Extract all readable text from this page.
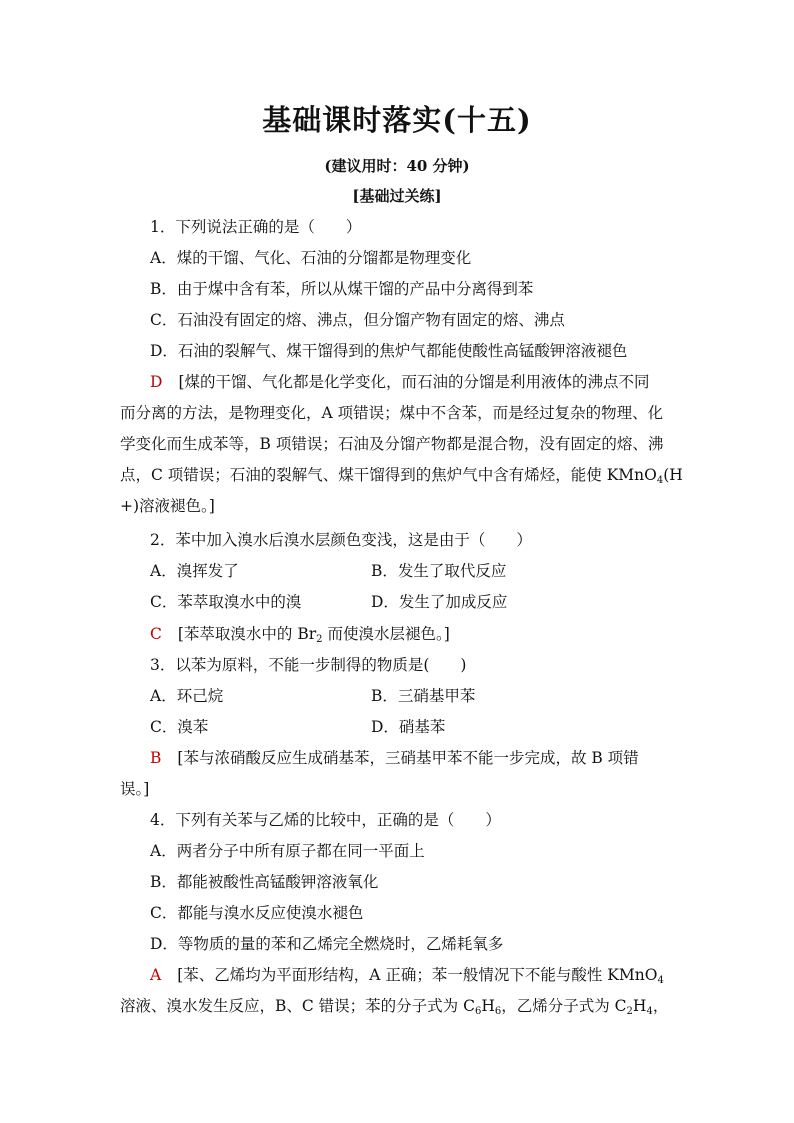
基础课时落实(十五)
(建议用时：40 分钟)
[基础过关练]
1．下列说法正确的是（　　）
A．煤的干馏、气化、石油的分馏都是物理变化
B．由于煤中含有苯，所以从煤干馏的产品中分离得到苯
C．石油没有固定的熔、沸点，但分馏产物有固定的熔、沸点
D．石油的裂解气、煤干馏得到的焦炉气都能使酸性高锰酸钾溶液褪色
D [煤的干馏、气化都是化学变化，而石油的分馏是利用液体的沸点不同
而分离的方法，是物理变化，A 项错误；煤中不含苯，而是经过复杂的物理、化
学变化而生成苯等，B 项错误；石油及分馏产物都是混合物，没有固定的熔、沸
点，C 项错误；石油的裂解气、煤干馏得到的焦炉气中含有烯烃，能使 KMnO$_4$(H
+)溶液褪色。]
2．苯中加入溴水后溴水层颜色变浅，这是由于（　　）
A．溴挥发了	B．发生了取代反应
C．苯萃取溴水中的溴	D．发生了加成反应
C [苯萃取溴水中的 $Br_2$ 而使溴水层褪色。]
3．以苯为原料，不能一步制得的物质是(　　)
A．环己烷	B．三硝基甲苯
C．溴苯	D．硝基苯
B [苯与浓硝酸反应生成硝基苯，三硝基甲苯不能一步完成，故 B 项错
误。]
4．下列有关苯与乙烯的比较中，正确的是（　　）
A．两者分子中所有原子都在同一平面上
B．都能被酸性高锰酸钾溶液氧化
C．都能与溴水反应使溴水褪色
D．等物质的量的苯和乙烯完全燃烧时，乙烯耗氧多
A [苯、乙烯均为平面形结构，A 正确；苯一般情况下不能与酸性 KMnO$_4$
溶液、溴水发生反应，B、C 错误；苯的分子式为 $C_6H_6$，乙烯分子式为 $C_2H_4$，
